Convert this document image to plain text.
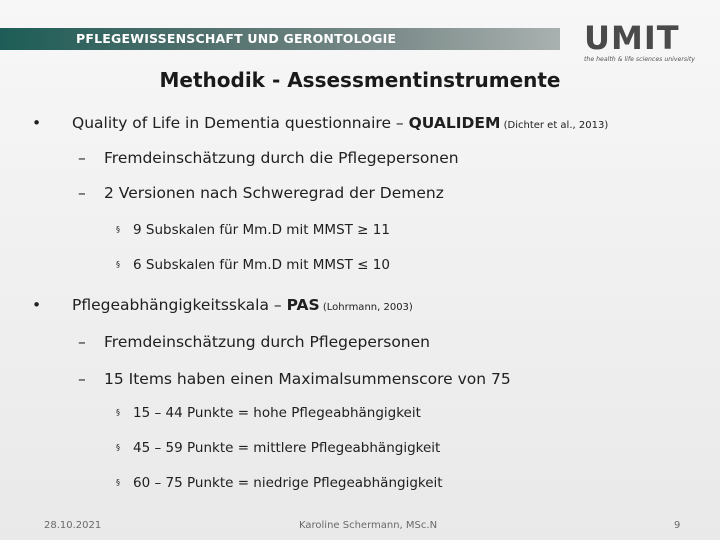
PFLEGEWISSENSCHAFT UND GERONTOLOGIE	UMIT
the health & life sciences university
Methodik - Assessmentinstrumente
• Quality of Life in Dementia questionnaire – QUALIDEM (Dichter et al., 2013)
– Fremdeinschätzung durch die Pflegepersonen
– 2 Versionen nach Schweregrad der Demenz
§ 9 Subskalen für Mm.D mit MMST ≥ 11
§ 6 Subskalen für Mm.D mit MMST ≤ 10
• Pflegeabhängigkeitsskala – PAS (Lohrmann, 2003)
– Fremdeinschätzung durch Pflegepersonen
– 15 Items haben einen Maximalsummenscore von 75
§ 15 – 44 Punkte = hohe Pflegeabhängigkeit
§ 45 – 59 Punkte = mittlere Pflegeabhängigkeit
§ 60 – 75 Punkte = niedrige Pflegeabhängigkeit
28.10.2021	Karoline Schermann, MSc.N	9
